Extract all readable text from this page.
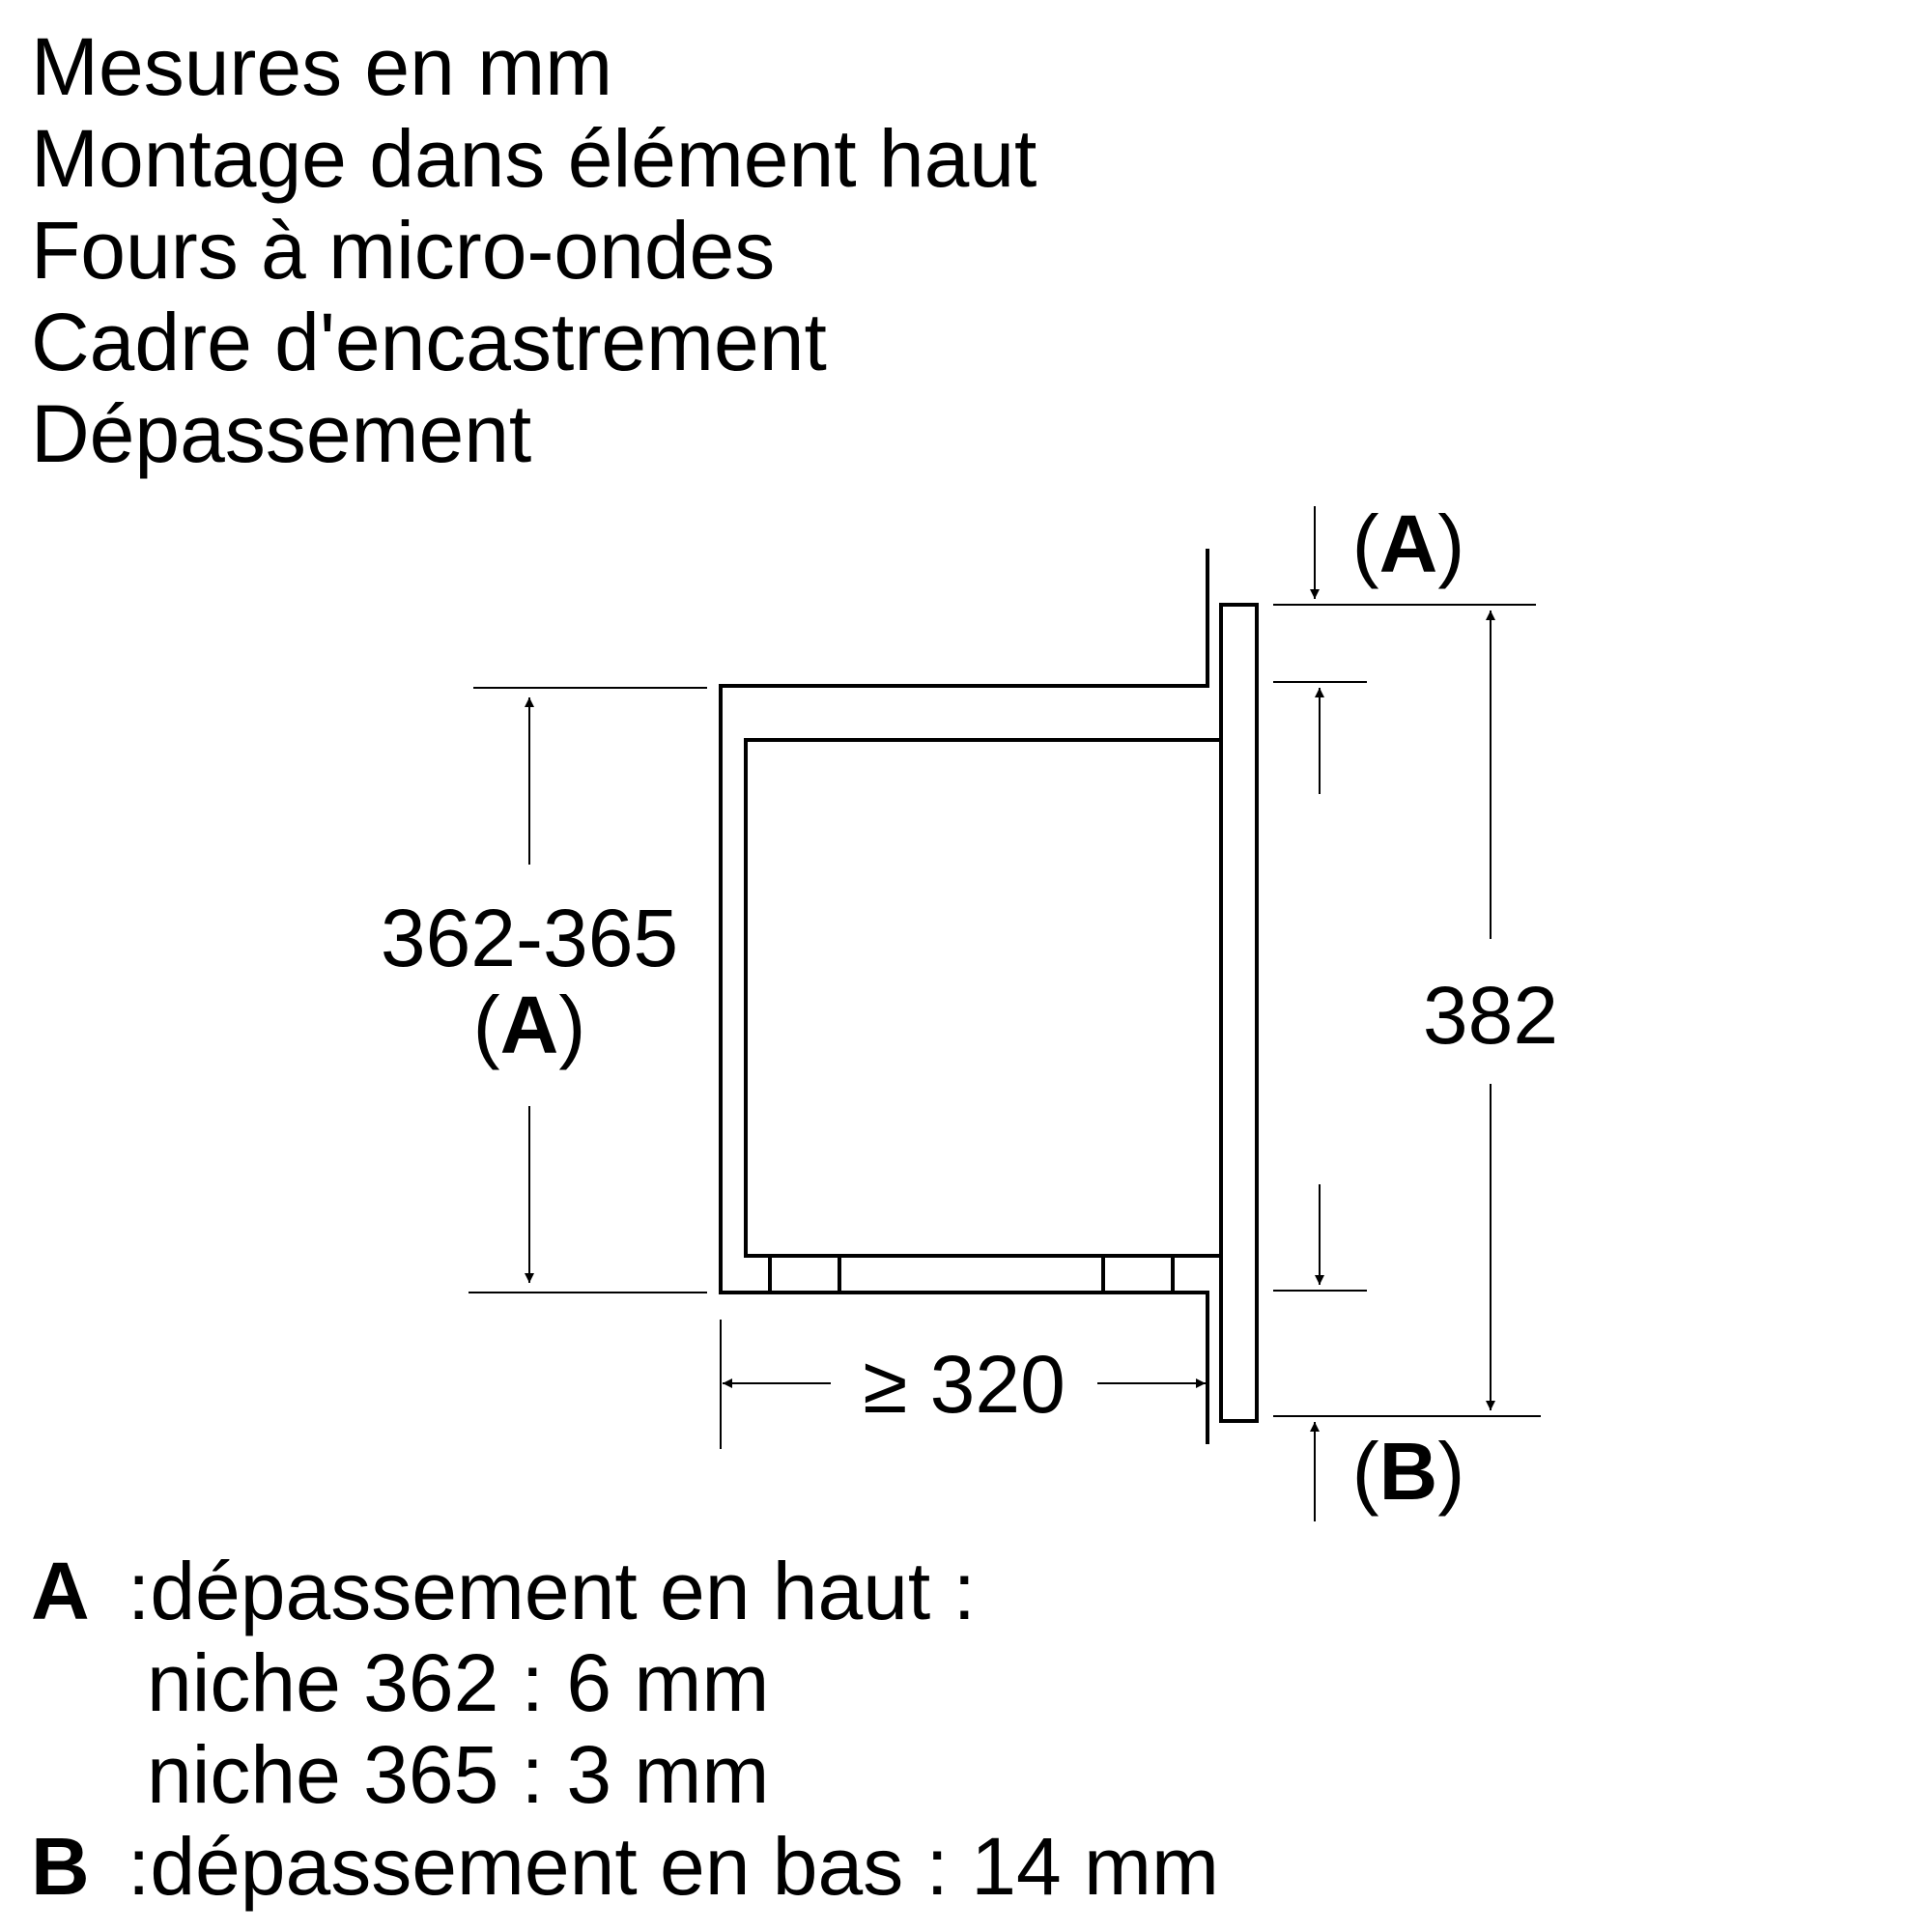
Mesures en mm
Montage dans élément haut
Fours à micro-ondes
Cadre d'encastrement
Dépassement
362-365
(A)
≥ 320
382
(A)
(B)
A :dépassement en haut :
niche 362 : 6 mm
niche 365 : 3 mm
B :dépassement en bas : 14 mm
